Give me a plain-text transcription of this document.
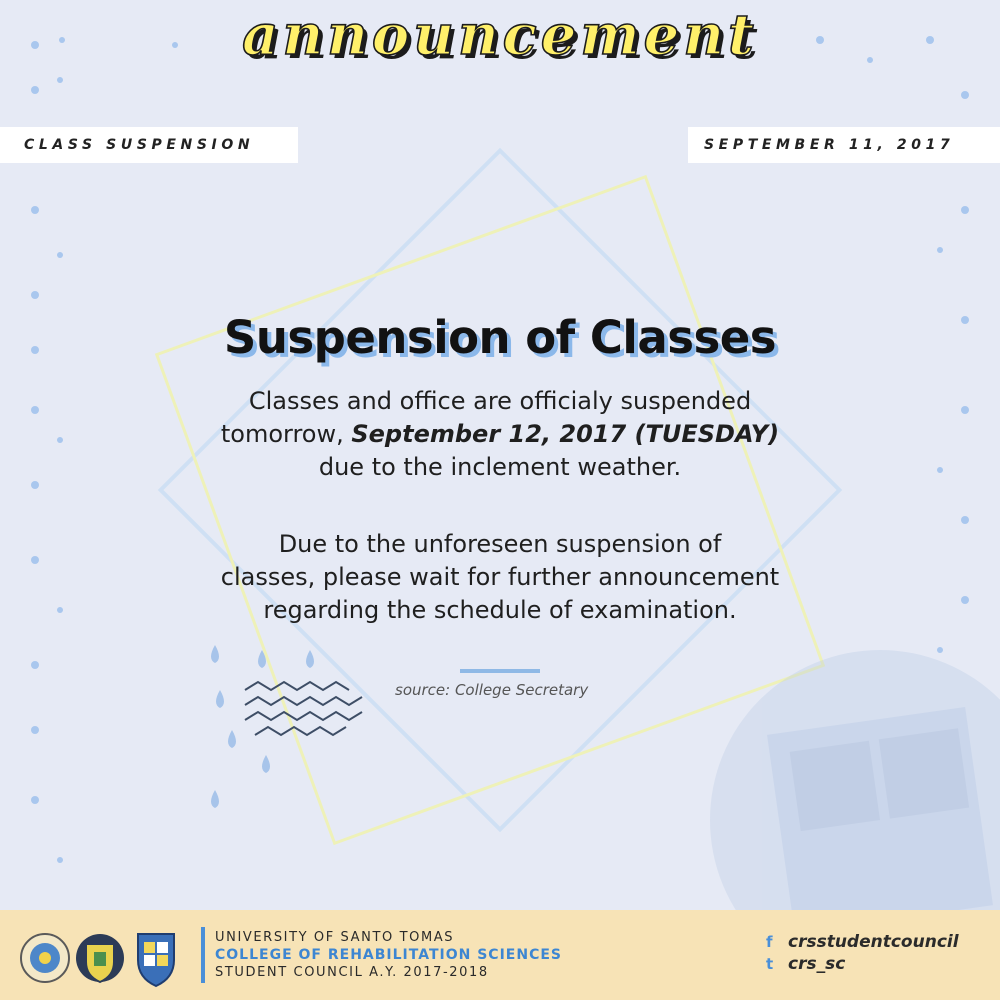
announcement
CLASS SUSPENSION	SEPTEMBER 11, 2017
Suspension of Classes
Classes and office are officialy suspended
tomorrow, September 12, 2017 (TUESDAY)
due to the inclement weather.
Due to the unforeseen suspension of
classes, please wait for further announcement
regarding the schedule of examination.
source: College Secretary
UNIVERSITY OF SANTO TOMAS
COLLEGE OF REHABILITATION SCIENCES
STUDENT COUNCIL A.Y. 2017-2018
f crsstudentcouncil
t crs_sc
